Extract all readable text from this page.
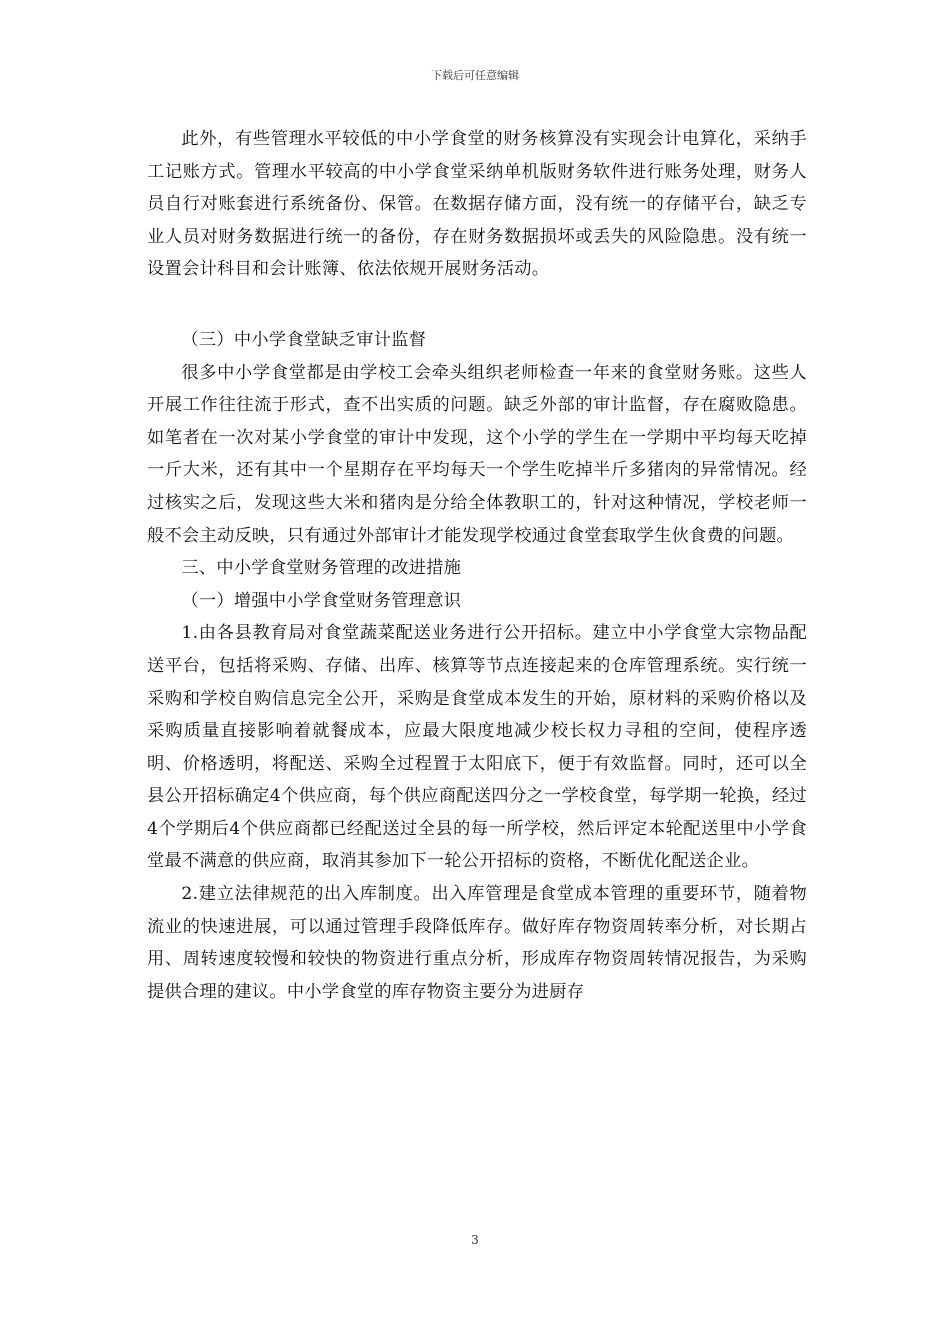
下载后可任意编辑

此外，有些管理水平较低的中小学食堂的财务核算没有实现会计电算化，采纳手工记账方式。管理水平较高的中小学食堂采纳单机版财务软件进行账务处理，财务人员自行对账套进行系统备份、保管。在数据存储方面，没有统一的存储平台，缺乏专业人员对财务数据进行统一的备份，存在财务数据损坏或丢失的风险隐患。没有统一设置会计科目和会计账簿、依法依规开展财务活动。

（三）中小学食堂缺乏审计监督

很多中小学食堂都是由学校工会牵头组织老师检查一年来的食堂财务账。这些人开展工作往往流于形式，查不出实质的问题。缺乏外部的审计监督，存在腐败隐患。如笔者在一次对某小学食堂的审计中发现，这个小学的学生在一学期中平均每天吃掉一斤大米，还有其中一个星期存在平均每天一个学生吃掉半斤多猪肉的异常情况。经过核实之后，发现这些大米和猪肉是分给全体教职工的，针对这种情况，学校老师一般不会主动反映，只有通过外部审计才能发现学校通过食堂套取学生伙食费的问题。

三、中小学食堂财务管理的改进措施

（一）增强中小学食堂财务管理意识

1.由各县教育局对食堂蔬菜配送业务进行公开招标。建立中小学食堂大宗物品配送平台，包括将采购、存储、出库、核算等节点连接起来的仓库管理系统。实行统一采购和学校自购信息完全公开，采购是食堂成本发生的开始，原材料的采购价格以及采购质量直接影响着就餐成本，应最大限度地减少校长权力寻租的空间，使程序透明、价格透明，将配送、采购全过程置于太阳底下，便于有效监督。同时，还可以全县公开招标确定4个供应商，每个供应商配送四分之一学校食堂，每学期一轮换，经过4个学期后4个供应商都已经配送过全县的每一所学校，然后评定本轮配送里中小学食堂最不满意的供应商，取消其参加下一轮公开招标的资格，不断优化配送企业。

2.建立法律规范的出入库制度。出入库管理是食堂成本管理的重要环节，随着物流业的快速进展，可以通过管理手段降低库存。做好库存物资周转率分析，对长期占用、周转速度较慢和较快的物资进行重点分析，形成库存物资周转情况报告，为采购提供合理的建议。中小学食堂的库存物资主要分为进厨存

3
